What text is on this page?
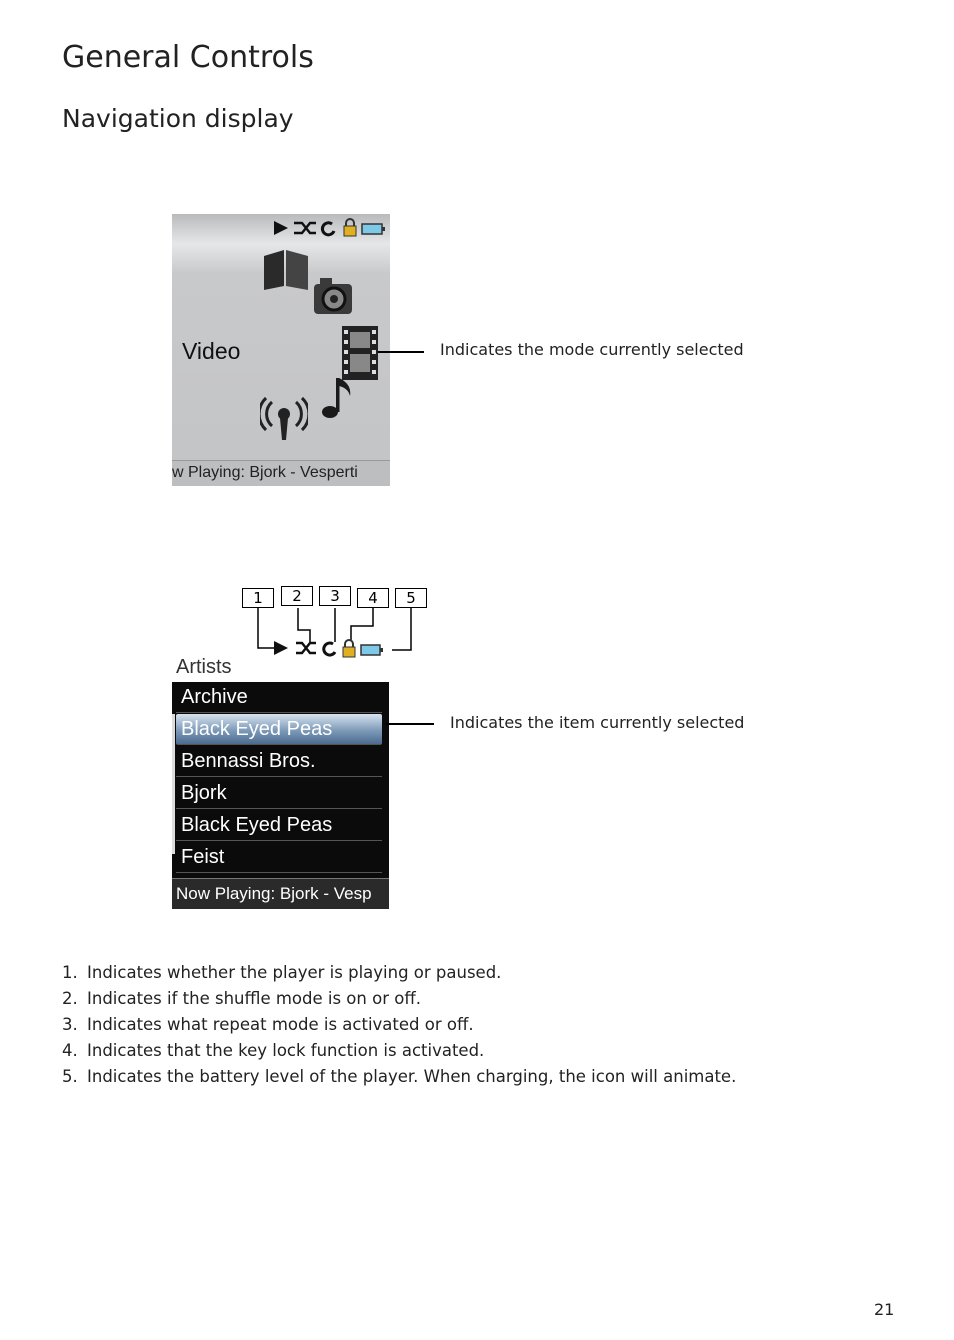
General Controls
Navigation display
Video
w Playing: Bjork - Vesperti
Indicates the mode currently selected
1	2	3	4	5
Artists
Archive
Black Eyed Peas
Bennassi Bros.
Bjork
Black Eyed Peas
Feist
Now Playing: Bjork - Vesp
Indicates the item currently selected
1. Indicates whether the player is playing or paused.
2. Indicates if the shuffle mode is on or off.
3. Indicates what repeat mode is activated or off.
4. Indicates that the key lock function is activated.
5. Indicates the battery level of the player. When charging, the icon will animate.
21
